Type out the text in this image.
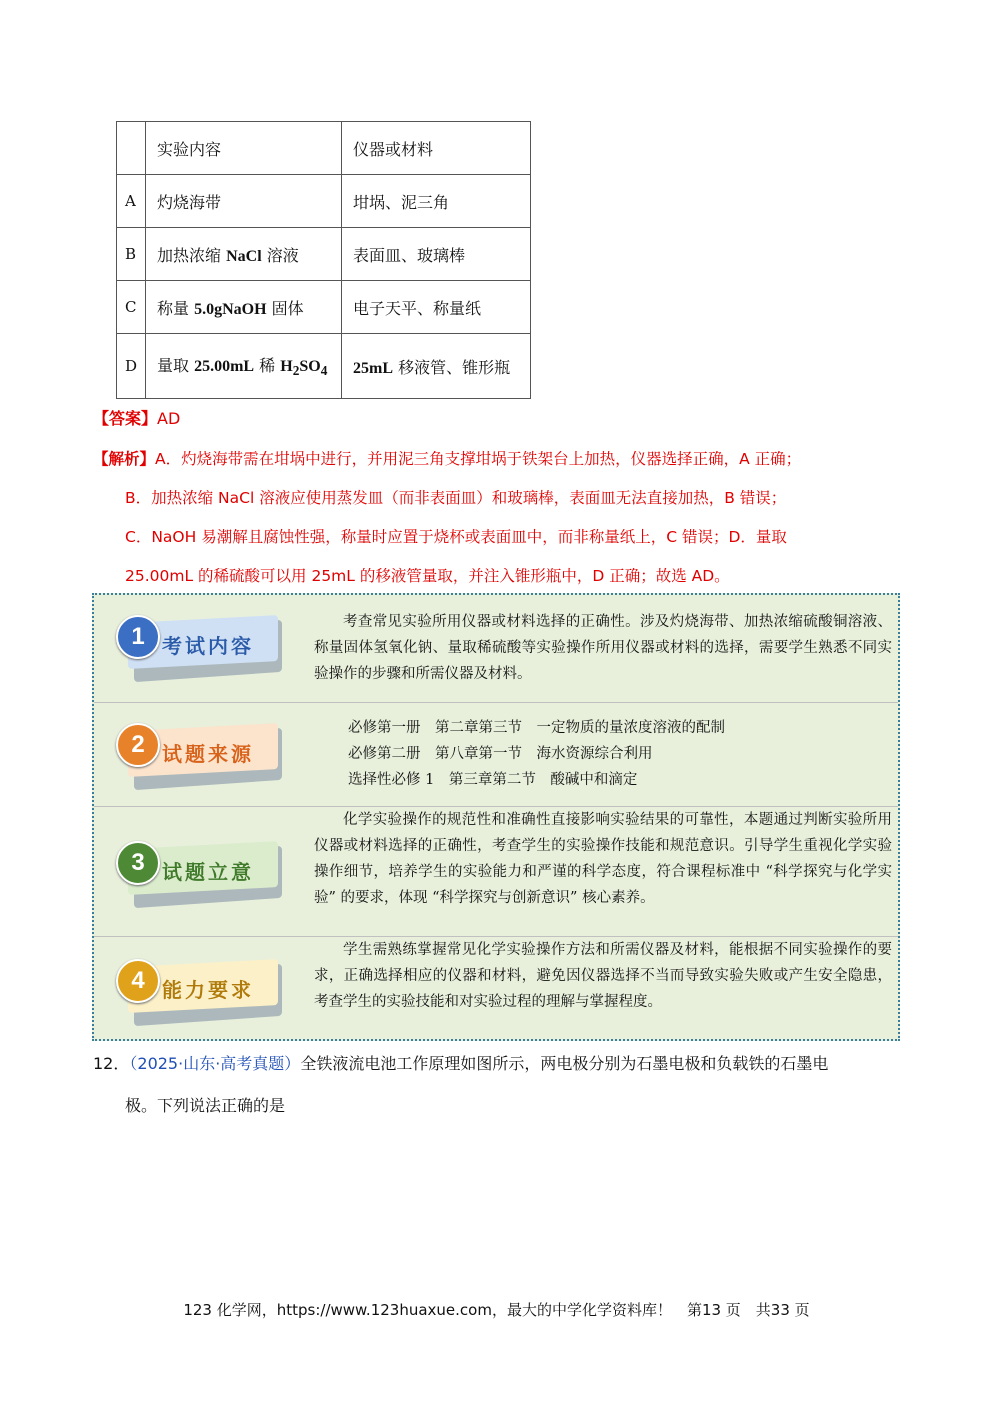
	实验内容	仪器或材料
A	灼烧海带	坩埚、泥三角
B	加热浓缩 NaCl 溶液	表面皿、玻璃棒
C	称量 5.0gNaOH 固体	电子天平、称量纸
D	量取 25.00mL 稀 $H_2SO_4$	25mL 移液管、锥形瓶
【答案】AD
【解析】A．灼烧海带需在坩埚中进行，并用泥三角支撑坩埚于铁架台上加热，仪器选择正确，A 正确；
B．加热浓缩 NaCl 溶液应使用蒸发皿（而非表面皿）和玻璃棒，表面皿无法直接加热，B 错误；
C．NaOH 易潮解且腐蚀性强，称量时应置于烧杯或表面皿中，而非称量纸上，C 错误；D．量取
25.00mL 的稀硫酸可以用 25mL 的移液管量取，并注入锥形瓶中，D 正确；故选 AD。
1 考试内容

考查常见实验所用仪器或材料选择的正确性。涉及灼烧海带、加热浓缩硫酸铜溶液、称量固体氢氧化钠、量取稀硫酸等实验操作所用仪器或材料的选择，需要学生熟悉不同实验操作的步骤和所需仪器及材料。

2 试题来源

必修第一册　第二章第三节　一定物质的量浓度溶液的配制

必修第二册　第八章第一节　海水资源综合利用

选择性必修 1　第三章第二节　酸碱中和滴定

3 试题立意

化学实验操作的规范性和准确性直接影响实验结果的可靠性，本题通过判断实验所用仪器或材料选择的正确性，考查学生的实验操作技能和规范意识。引导学生重视化学实验操作细节，培养学生的实验能力和严谨的科学态度，符合课程标准中 “科学探究与化学实验” 的要求，体现 “科学探究与创新意识” 核心素养。

4 能力要求

学生需熟练掌握常见化学实验操作方法和所需仪器及材料，能根据不同实验操作的要求，正确选择相应的仪器和材料，避免因仪器选择不当而导致实验失败或产生安全隐患，考查学生的实验技能和对实验过程的理解与掌握程度。

12．（2025·山东·高考真题）全铁液流电池工作原理如图所示，两电极分别为石墨电极和负载铁的石墨电
极。下列说法正确的是
123 化学网，https://www.123huaxue.com，最大的中学化学资料库！　第13 页　共33 页
